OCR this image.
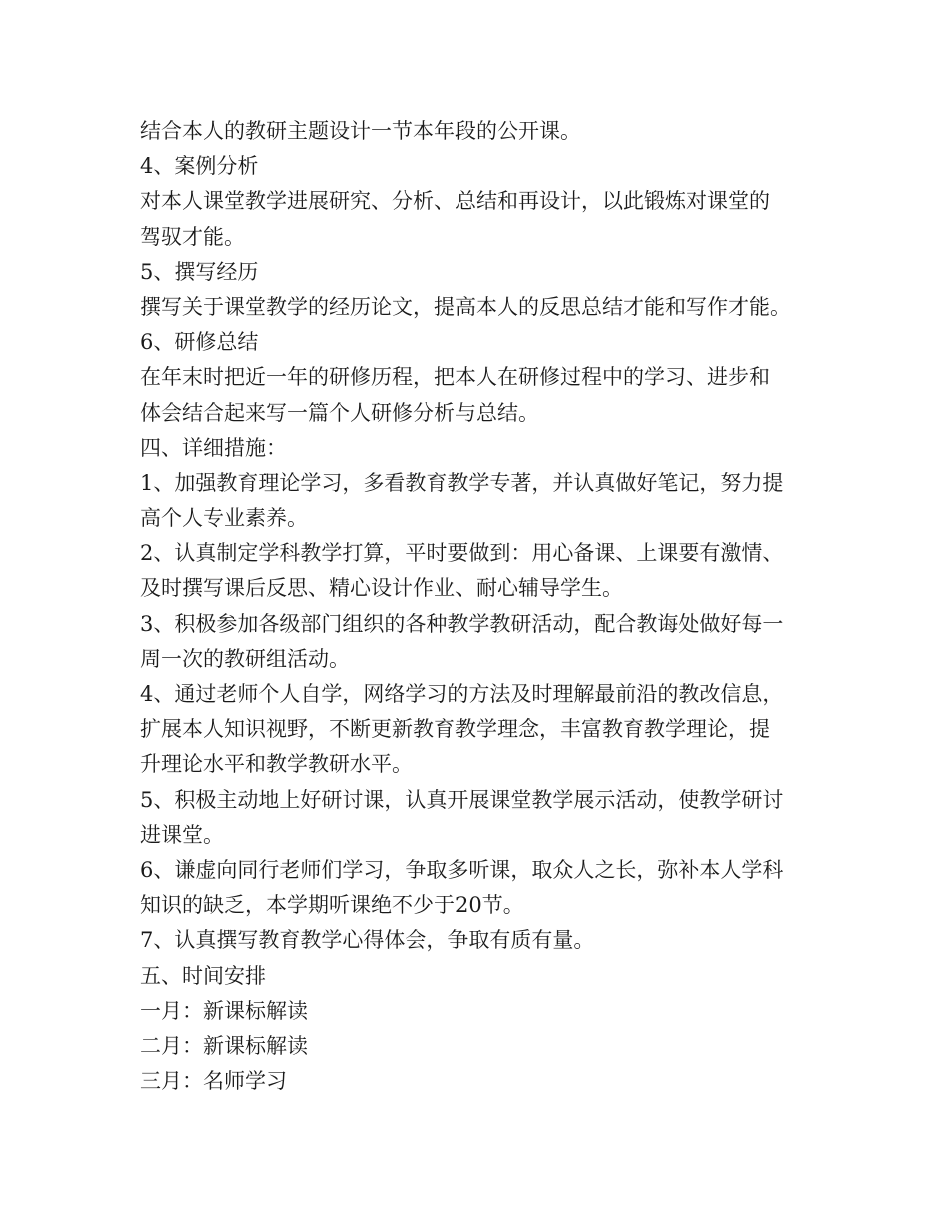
结合本人的教研主题设计一节本年段的公开课。
4、案例分析
对本人课堂教学进展研究、分析、总结和再设计，以此锻炼对课堂的
驾驭才能。
5、撰写经历
撰写关于课堂教学的经历论文，提高本人的反思总结才能和写作才能。
6、研修总结
在年末时把近一年的研修历程，把本人在研修过程中的学习、进步和
体会结合起来写一篇个人研修分析与总结。
四、详细措施：
1、加强教育理论学习，多看教育教学专著，并认真做好笔记，努力提
高个人专业素养。
2、认真制定学科教学打算，平时要做到：用心备课、上课要有激情、
及时撰写课后反思、精心设计作业、耐心辅导学生。
3、积极参加各级部门组织的各种教学教研活动，配合教诲处做好每一
周一次的教研组活动。
4、通过老师个人自学，网络学习的方法及时理解最前沿的教改信息，
扩展本人知识视野，不断更新教育教学理念，丰富教育教学理论，提
升理论水平和教学教研水平。
5、积极主动地上好研讨课，认真开展课堂教学展示活动，使教学研讨
进课堂。
6、谦虚向同行老师们学习，争取多听课，取众人之长，弥补本人学科
知识的缺乏，本学期听课绝不少于20节。
7、认真撰写教育教学心得体会，争取有质有量。
五、时间安排
一月：新课标解读
二月：新课标解读
三月：名师学习
